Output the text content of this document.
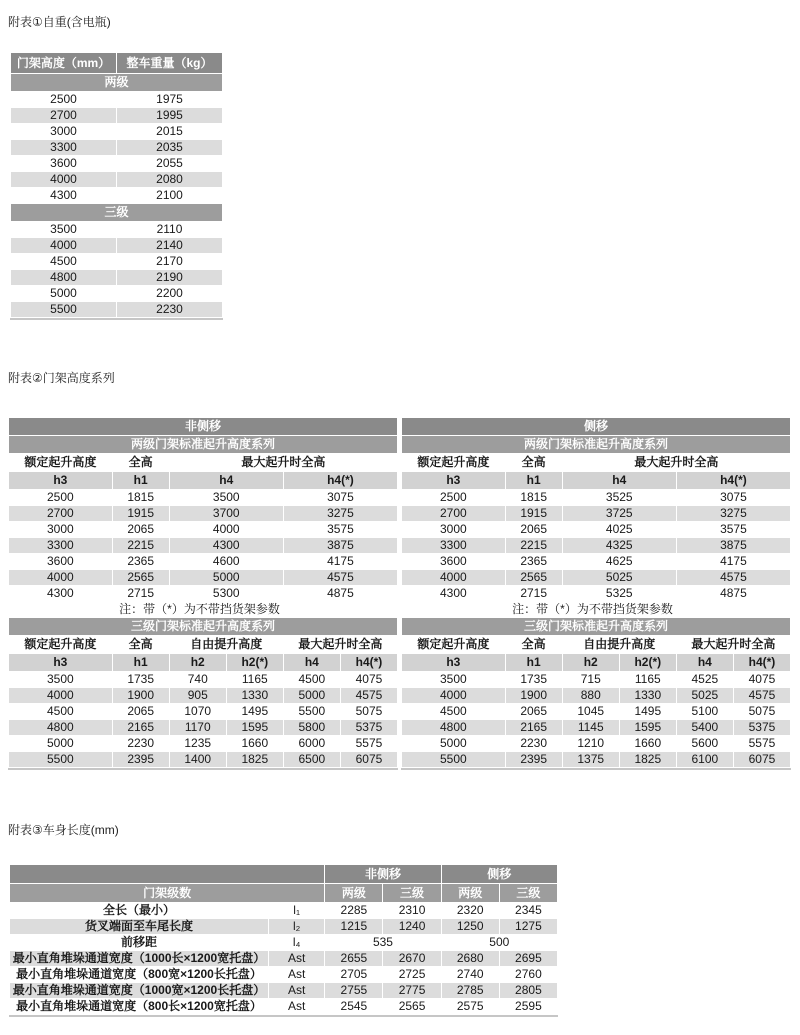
附表①自重(含电瓶)
门架高度（mm）	整车重量（kg）
两级	
2500	1975
2700	1995
3000	2015
3300	2035
3600	2055
4000	2080
4300	2100
三级	
3500	2110
4000	2140
4500	2170
4800	2190
5000	2200
5500	2230
附表②门架高度系列
非侧移					
两级门架标准起升高度系列					
额定起升高度	全高	最大起升时全高			
h3	h1	h4		h4(*)	
2500	1815	3500		3075	
2700	1915	3700		3275	
3000	2065	4000		3575	
3300	2215	4300		3875	
3600	2365	4600		4175	
4000	2565	5000		4575	
4300	2715	5300		4875	
注：带（*）为不带挡货架参数					
三级门架标准起升高度系列					
额定起升高度	全高	自由提升高度		最大起升时全高	
h3	h1	h2	h2(*)	h4	h4(*)
3500	1735	740	1165	4500	4075
4000	1900	905	1330	5000	4575
4500	2065	1070	1495	5500	5075
4800	2165	1170	1595	5800	5375
5000	2230	1235	1660	6000	5575
5500	2395	1400	1825	6500	6075
侧移					
两级门架标准起升高度系列					
额定起升高度	全高	最大起升时全高			
h3	h1	h4		h4(*)	
2500	1815	3525		3075	
2700	1915	3725		3275	
3000	2065	4025		3575	
3300	2215	4325		3875	
3600	2365	4625		4175	
4000	2565	5025		4575	
4300	2715	5325		4875	
注：带（*）为不带挡货架参数					
三级门架标准起升高度系列					
额定起升高度	全高	自由提升高度		最大起升时全高	
h3	h1	h2	h2(*)	h4	h4(*)
3500	1735	715	1165	4525	4075
4000	1900	880	1330	5025	4575
4500	2065	1045	1495	5100	5075
4800	2165	1145	1595	5400	5375
5000	2230	1210	1660	5600	5575
5500	2395	1375	1825	6100	6075
附表③车身长度(mm)
		非侧移		侧移	
门架级数		两级	三级	两级	三级
全长（最小）	l₁	2285	2310	2320	2345
货叉端面至车尾长度	l₂	1215	1240	1250	1275
前移距	l₄	535		500	
最小直角堆垛通道宽度（1000长×1200宽托盘）	Ast	2655	2670	2680	2695
最小直角堆垛通道宽度（800宽×1200长托盘）	Ast	2705	2725	2740	2760
最小直角堆垛通道宽度（1000宽×1200长托盘）	Ast	2755	2775	2785	2805
最小直角堆垛通道宽度（800长×1200宽托盘）	Ast	2545	2565	2575	2595
